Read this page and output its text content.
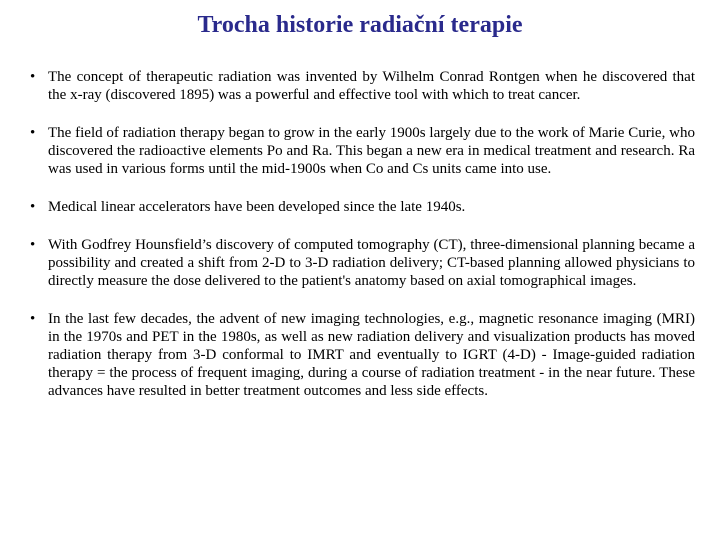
Trocha historie radiační terapie
• The concept of therapeutic radiation was invented by Wilhelm Conrad Rontgen when he discovered that the x-ray (discovered 1895) was a powerful and effective tool with which to treat cancer.
• The field of radiation therapy began to grow in the early 1900s largely due to the work of Marie Curie, who discovered the radioactive elements Po and Ra. This began a new era in medical treatment and research. Ra was used in various forms until the mid-1900s when Co and Cs units came into use.
• Medical linear accelerators have been developed since the late 1940s.
• With Godfrey Hounsfield’s discovery of computed tomography (CT), three-dimensional planning became a possibility and created a shift from 2-D to 3-D radiation delivery; CT-based planning allowed physicians to directly measure the dose delivered to the patient's anatomy based on axial tomographical images.
• In the last few decades, the advent of new imaging technologies, e.g., magnetic resonance imaging (MRI) in the 1970s and PET in the 1980s, as well as new radiation delivery and visualization products has moved radiation therapy from 3-D conformal to IMRT and eventually to IGRT (4-D) - Image-guided radiation therapy = the process of frequent imaging, during a course of radiation treatment - in the near future. These advances have resulted in better treatment outcomes and less side effects.
